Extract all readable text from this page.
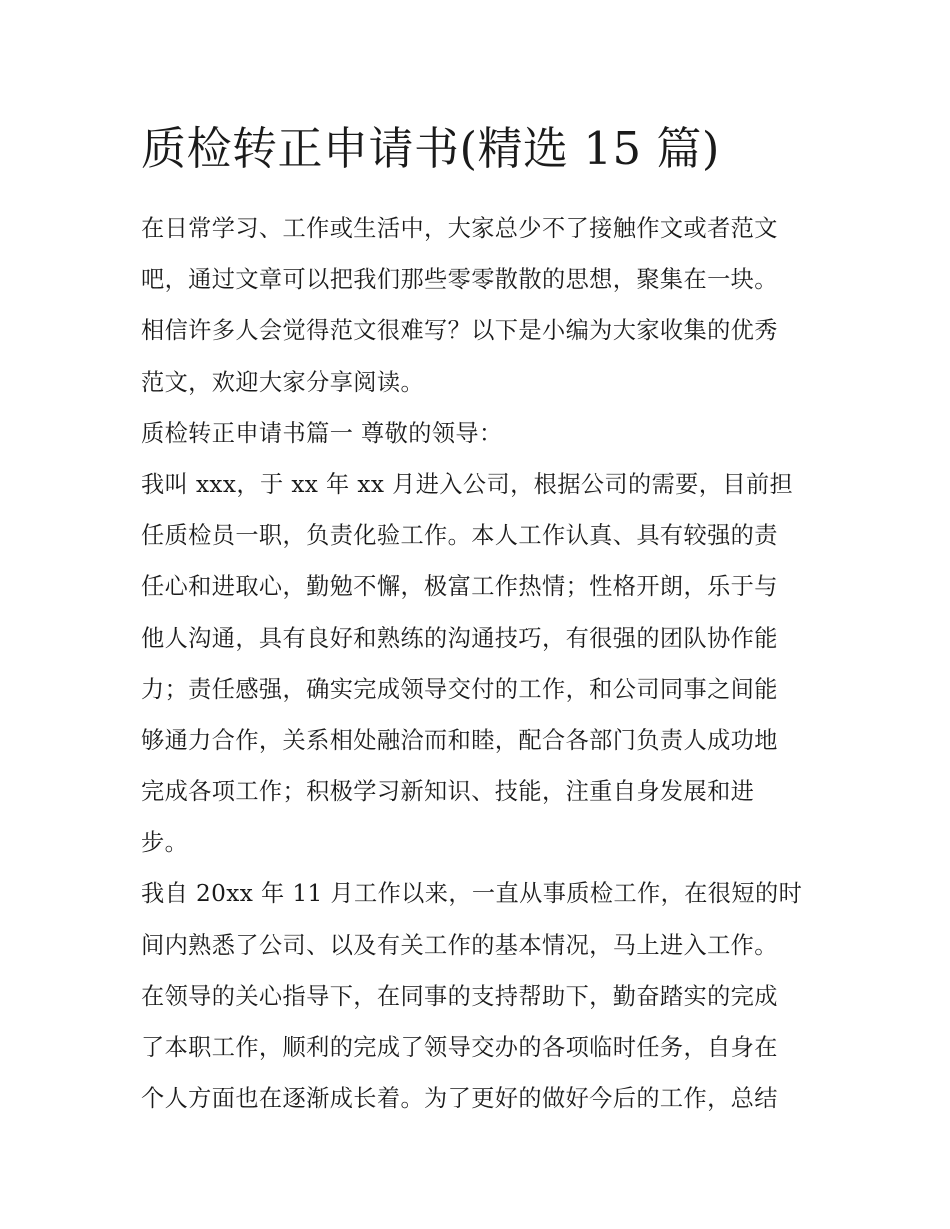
质检转正申请书(精选 15 篇)

在日常学习、工作或生活中，大家总少不了接触作文或者范文
吧，通过文章可以把我们那些零零散散的思想，聚集在一块。
相信许多人会觉得范文很难写？以下是小编为大家收集的优秀
范文，欢迎大家分享阅读。

质检转正申请书篇一 尊敬的领导：

我叫 xxx，于 xx 年 xx 月进入公司，根据公司的需要，目前担
任质检员一职，负责化验工作。本人工作认真、具有较强的责
任心和进取心，勤勉不懈，极富工作热情；性格开朗，乐于与
他人沟通，具有良好和熟练的沟通技巧，有很强的团队协作能
力；责任感强，确实完成领导交付的工作，和公司同事之间能
够通力合作，关系相处融洽而和睦，配合各部门负责人成功地
完成各项工作；积极学习新知识、技能，注重自身发展和进
步。

我自 20xx 年 11 月工作以来，一直从事质检工作，在很短的时
间内熟悉了公司、以及有关工作的基本情况，马上进入工作。
在领导的关心指导下，在同事的支持帮助下，勤奋踏实的完成
了本职工作，顺利的完成了领导交办的各项临时任务，自身在
个人方面也在逐渐成长着。为了更好的做好今后的工作，总结
